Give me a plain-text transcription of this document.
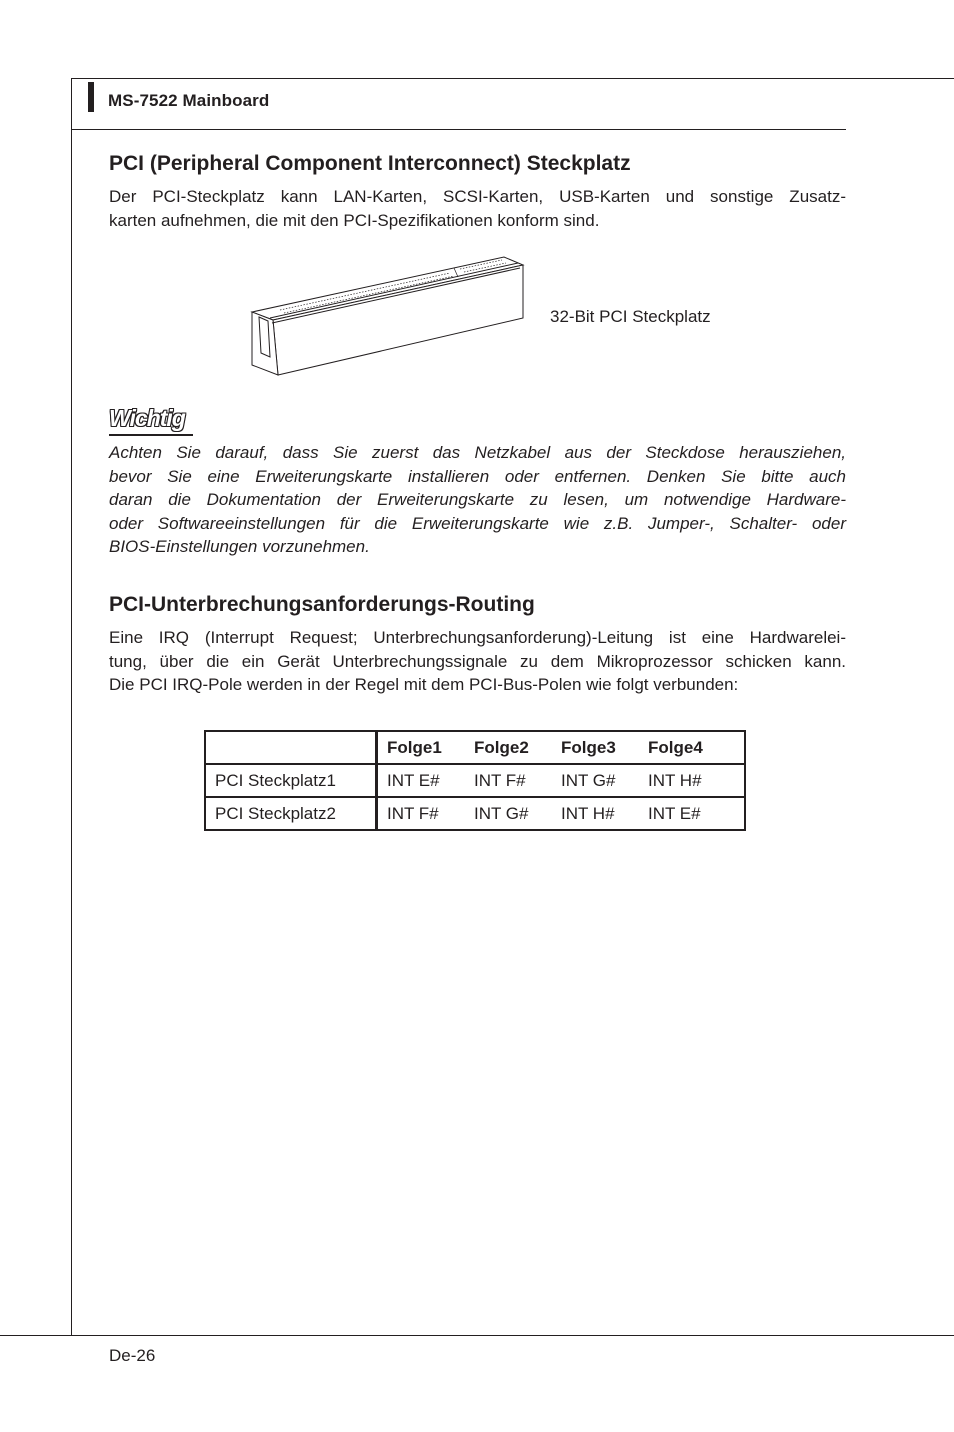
MS-7522 Mainboard
PCI (Peripheral Component Interconnect) Steckplatz
Der PCI-Steckplatz kann LAN-Karten, SCSI-Karten, USB-Karten und sonstige Zusatz-
karten aufnehmen, die mit den PCI-Spezifikationen konform sind.
32-Bit PCI Steckplatz
Wichtig
Achten Sie darauf, dass Sie zuerst das Netzkabel aus der Steckdose herausziehen,
bevor Sie eine Erweiterungskarte installieren oder entfernen. Denken Sie bitte auch
daran die Dokumentation der Erweiterungskarte zu lesen, um notwendige Hardware-
oder Softwareeinstellungen für die Erweiterungskarte wie z.B. Jumper-, Schalter- oder
BIOS-Einstellungen vorzunehmen.
PCI-Unterbrechungsanforderungs-Routing
Eine IRQ (Interrupt Request; Unterbrechungsanforderung)-Leitung ist eine Hardwarelei-
tung, über die ein Gerät Unterbrechungssignale zu dem Mikroprozessor schicken kann.
Die PCI IRQ-Pole werden in der Regel mit dem PCI-Bus-Polen wie folgt verbunden:
	Folge1	Folge2	Folge3	Folge4
PCI Steckplatz1	INT E#	INT F#	INT G#	INT H#
PCI Steckplatz2	INT F#	INT G#	INT H#	INT E#
De-26
